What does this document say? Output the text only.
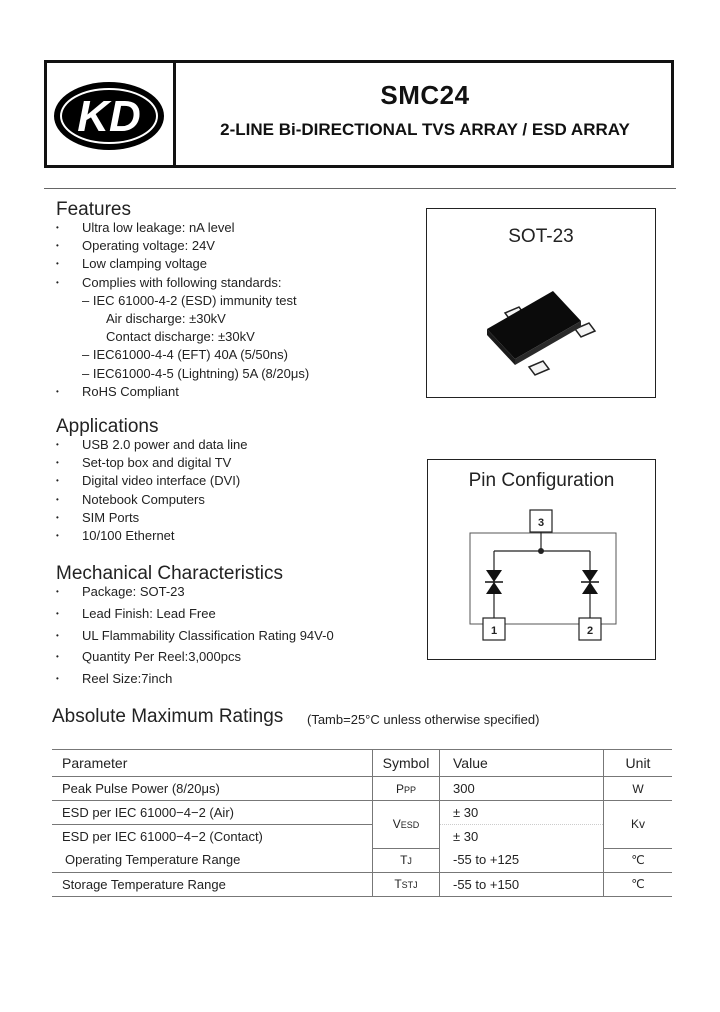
KD	SMC24
2-LINE Bi-DIRECTIONAL TVS ARRAY / ESD ARRAY
Features
• Ultra low leakage: nA level
• Operating voltage: 24V
• Low clamping voltage
• Complies with following standards:
– IEC 61000-4-2 (ESD) immunity test
Air discharge: ±30kV
Contact discharge: ±30kV
– IEC61000-4-4 (EFT) 40A (5/50ns)
– IEC61000-4-5 (Lightning) 5A (8/20μs)
• RoHS Compliant
Applications
• USB 2.0 power and data line
• Set-top box and digital TV
• Digital video interface (DVI)
• Notebook Computers
• SIM Ports
• 10/100 Ethernet
Mechanical Characteristics
• Package: SOT-23
• Lead Finish: Lead Free
• UL Flammability Classification Rating 94V-0
• Quantity Per Reel:3,000pcs
• Reel Size:7inch
SOT-23
Pin Configuration
3
1	2
Absolute Maximum Ratings (Tamb=25°C unless otherwise specified)
Parameter	Symbol	Value	Unit
Peak Pulse Power (8/20μs)	PPP	300	W
ESD per IEC 61000−4−2 (Air)	VESD	± 30	Kv
ESD per IEC 61000−4−2 (Contact)		± 30	
Operating Temperature Range	TJ	-55 to +125	℃
Storage Temperature Range	TSTJ	-55 to +150	℃
